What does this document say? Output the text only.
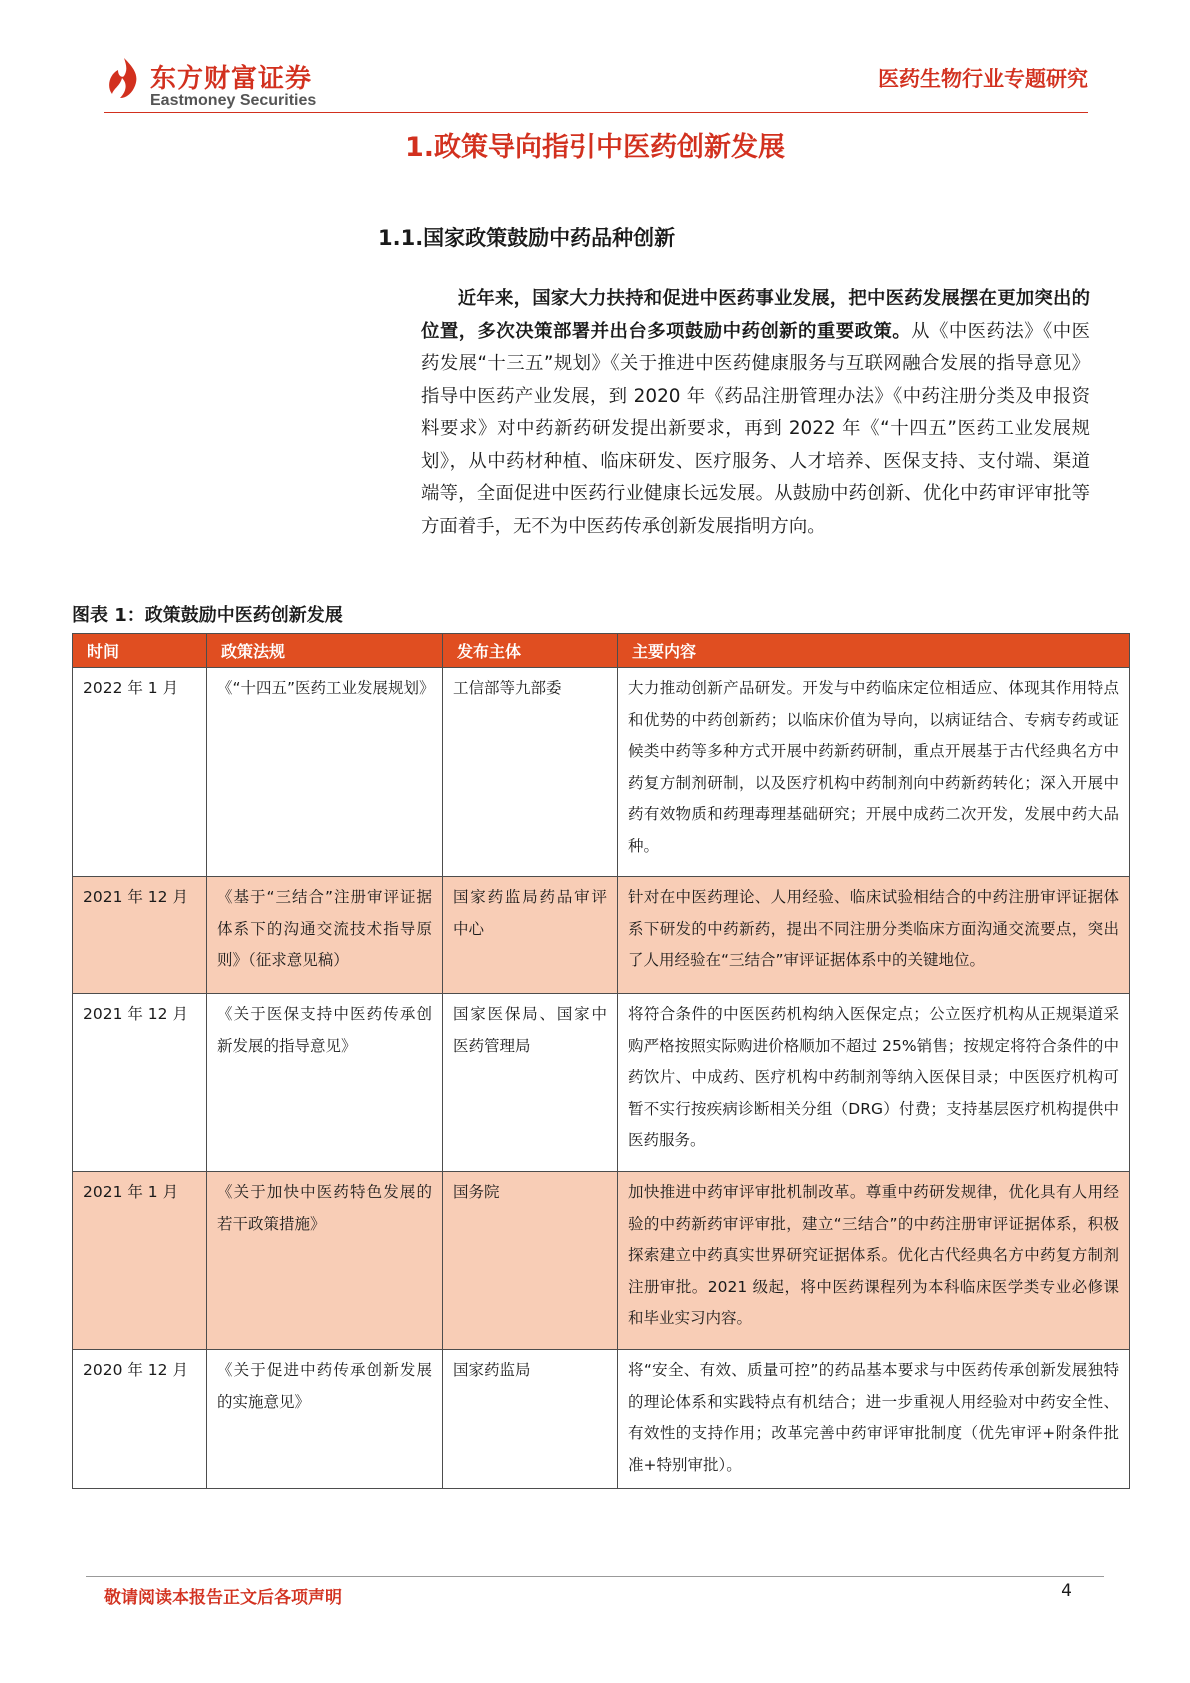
东方财富证券
Eastmoney Securities
医药生物行业专题研究
1.政策导向指引中医药创新发展
1.1.国家政策鼓励中药品种创新
近年来，国家大力扶持和促进中医药事业发展，把中医药发展摆在更加突出的位置，多次决策部署并出台多项鼓励中药创新的重要政策。从《中医药法》《中医药发展“十三五”规划》《关于推进中医药健康服务与互联网融合发展的指导意见》指导中医药产业发展，到 2020 年《药品注册管理办法》《中药注册分类及申报资料要求》对中药新药研发提出新要求，再到 2022 年《“十四五”医药工业发展规划》，从中药材种植、临床研发、医疗服务、人才培养、医保支持、支付端、渠道端等，全面促进中医药行业健康长远发展。从鼓励中药创新、优化中药审评审批等方面着手，无不为中医药传承创新发展指明方向。
图表 1：政策鼓励中医药创新发展
时间	政策法规	发布主体	主要内容
2022 年 1 月	《“十四五”医药工业发展规划》	工信部等九部委	大力推动创新产品研发。开发与中药临床定位相适应、体现其作用特点和优势的中药创新药；以临床价值为导向，以病证结合、专病专药或证候类中药等多种方式开展中药新药研制，重点开展基于古代经典名方中药复方制剂研制，以及医疗机构中药制剂向中药新药转化；深入开展中药有效物质和药理毒理基础研究；开展中成药二次开发，发展中药大品种。
2021 年 12 月	《基于“三结合”注册审评证据体系下的沟通交流技术指导原则》（征求意见稿）	国家药监局药品审评中心	针对在中医药理论、人用经验、临床试验相结合的中药注册审评证据体系下研发的中药新药，提出不同注册分类临床方面沟通交流要点，突出了人用经验在“三结合”审评证据体系中的关键地位。
2021 年 12 月	《关于医保支持中医药传承创新发展的指导意见》	国家医保局、国家中医药管理局	将符合条件的中医医药机构纳入医保定点；公立医疗机构从正规渠道采购严格按照实际购进价格顺加不超过 25%销售；按规定将符合条件的中药饮片、中成药、医疗机构中药制剂等纳入医保目录；中医医疗机构可暂不实行按疾病诊断相关分组（DRG）付费；支持基层医疗机构提供中医药服务。
2021 年 1 月	《关于加快中医药特色发展的若干政策措施》	国务院	加快推进中药审评审批机制改革。尊重中药研发规律，优化具有人用经验的中药新药审评审批，建立“三结合”的中药注册审评证据体系，积极探索建立中药真实世界研究证据体系。优化古代经典名方中药复方制剂注册审批。2021 级起，将中医药课程列为本科临床医学类专业必修课和毕业实习内容。
2020 年 12 月	《关于促进中药传承创新发展的实施意见》	国家药监局	将“安全、有效、质量可控”的药品基本要求与中医药传承创新发展独特的理论体系和实践特点有机结合；进一步重视人用经验对中药安全性、有效性的支持作用；改革完善中药审评审批制度（优先审评+附条件批准+特别审批）。
敬请阅读本报告正文后各项声明	4
